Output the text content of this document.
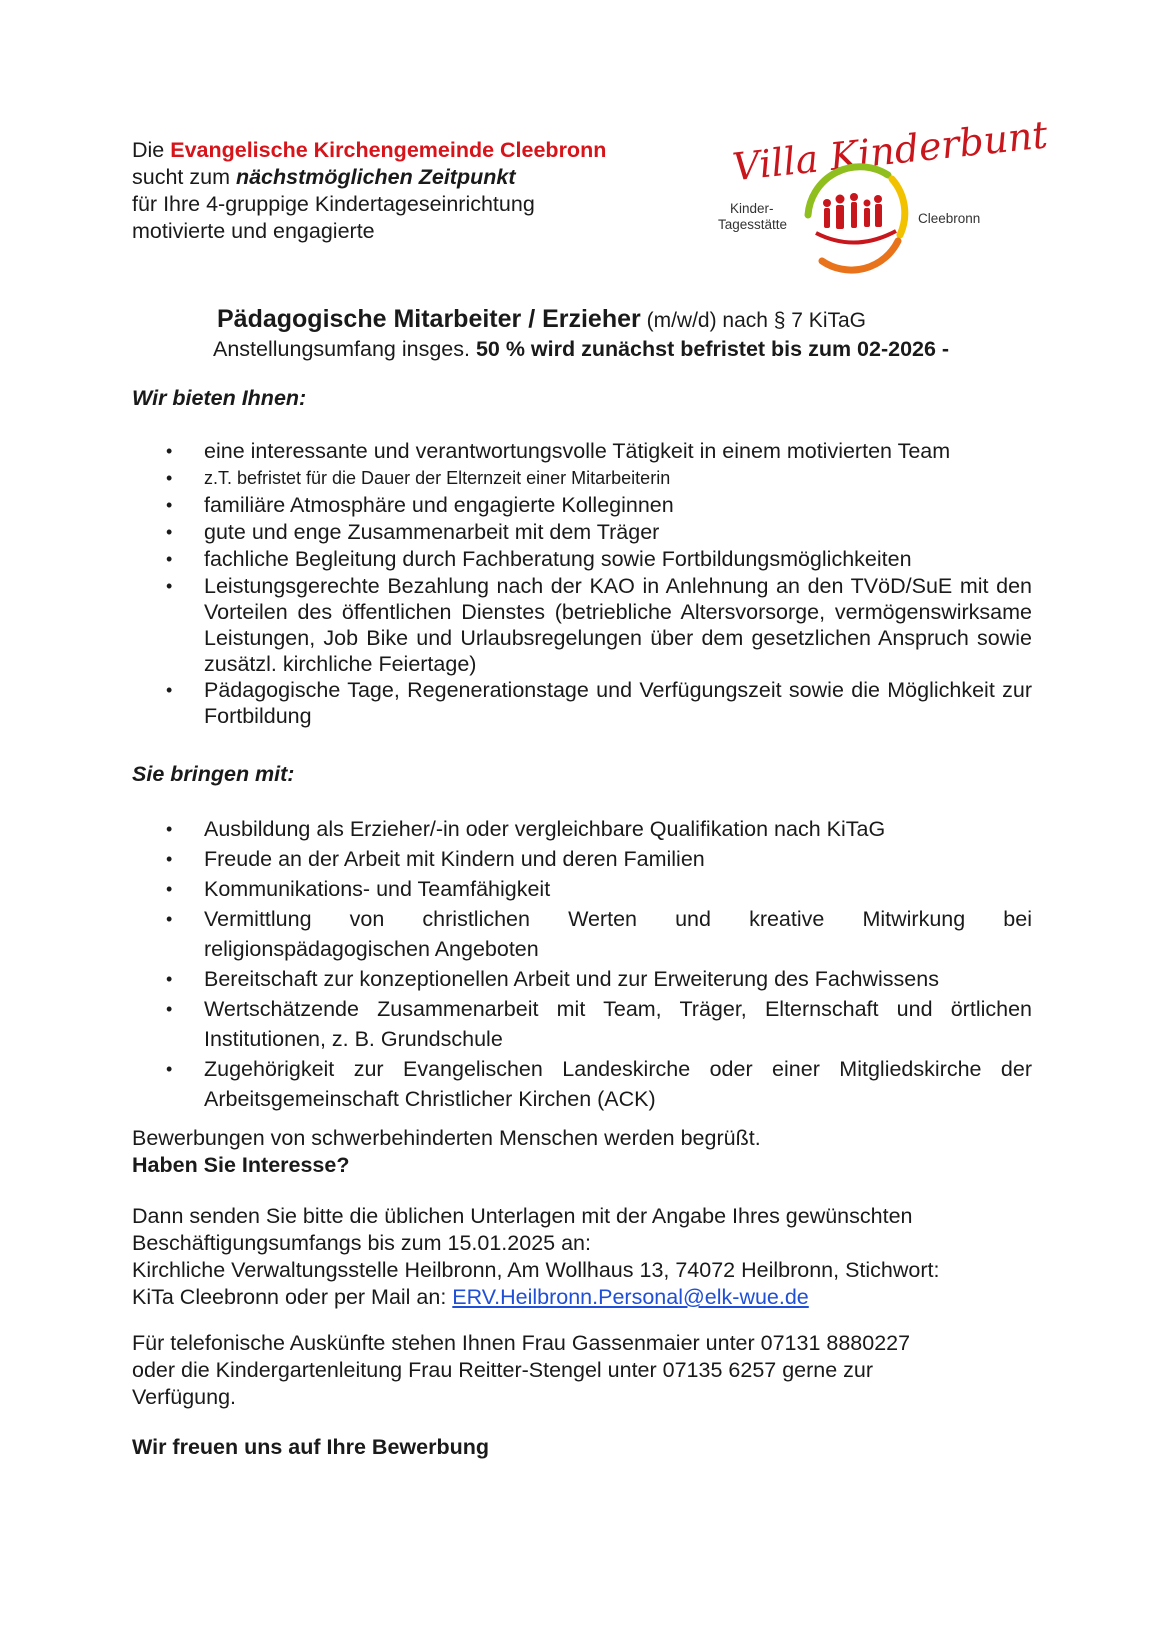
Die Evangelische Kirchengemeinde Cleebronn
sucht zum nächstmöglichen Zeitpunkt
für Ihre 4-gruppige Kindertageseinrichtung
motivierte und engagierte
Villa Kinderbunt
Kinder-
Tagesstätte	Cleebronn
Pädagogische Mitarbeiter / Erzieher (m/w/d) nach § 7 KiTaG
Anstellungsumfang insges. 50 % wird zunächst befristet bis zum 02-2026 -
Wir bieten Ihnen:
• eine interessante und verantwortungsvolle Tätigkeit in einem motivierten Team
• z.T. befristet für die Dauer der Elternzeit einer Mitarbeiterin
• familiäre Atmosphäre und engagierte Kolleginnen
• gute und enge Zusammenarbeit mit dem Träger
• fachliche Begleitung durch Fachberatung sowie Fortbildungsmöglichkeiten
• Leistungsgerechte Bezahlung nach der KAO in Anlehnung an den TVöD/SuE mit den Vorteilen des öffentlichen Dienstes (betriebliche Altersvorsorge, vermögenswirksame Leistungen, Job Bike und Urlaubsregelungen über dem gesetzlichen Anspruch sowie zusätzl. kirchliche Feiertage)
• Pädagogische Tage, Regenerationstage und Verfügungszeit sowie die Möglichkeit zur Fortbildung
Sie bringen mit:
• Ausbildung als Erzieher/-in oder vergleichbare Qualifikation nach KiTaG
• Freude an der Arbeit mit Kindern und deren Familien
• Kommunikations- und Teamfähigkeit
• Vermittlung von christlichen Werten und kreative Mitwirkung bei religionspädagogischen Angeboten
• Bereitschaft zur konzeptionellen Arbeit und zur Erweiterung des Fachwissens
• Wertschätzende Zusammenarbeit mit Team, Träger, Elternschaft und örtlichen Institutionen, z. B. Grundschule
• Zugehörigkeit zur Evangelischen Landeskirche oder einer Mitgliedskirche der Arbeitsgemeinschaft Christlicher Kirchen (ACK)
Bewerbungen von schwerbehinderten Menschen werden begrüßt.
Haben Sie Interesse?
Dann senden Sie bitte die üblichen Unterlagen mit der Angabe Ihres gewünschten
Beschäftigungsumfangs bis zum 15.01.2025 an:
Kirchliche Verwaltungsstelle Heilbronn, Am Wollhaus 13, 74072 Heilbronn, Stichwort:
KiTa Cleebronn oder per Mail an: ERV.Heilbronn.Personal@elk-wue.de
Für telefonische Auskünfte stehen Ihnen Frau Gassenmaier unter 07131 8880227
oder die Kindergartenleitung Frau Reitter-Stengel unter 07135 6257 gerne zur
Verfügung.
Wir freuen uns auf Ihre Bewerbung
